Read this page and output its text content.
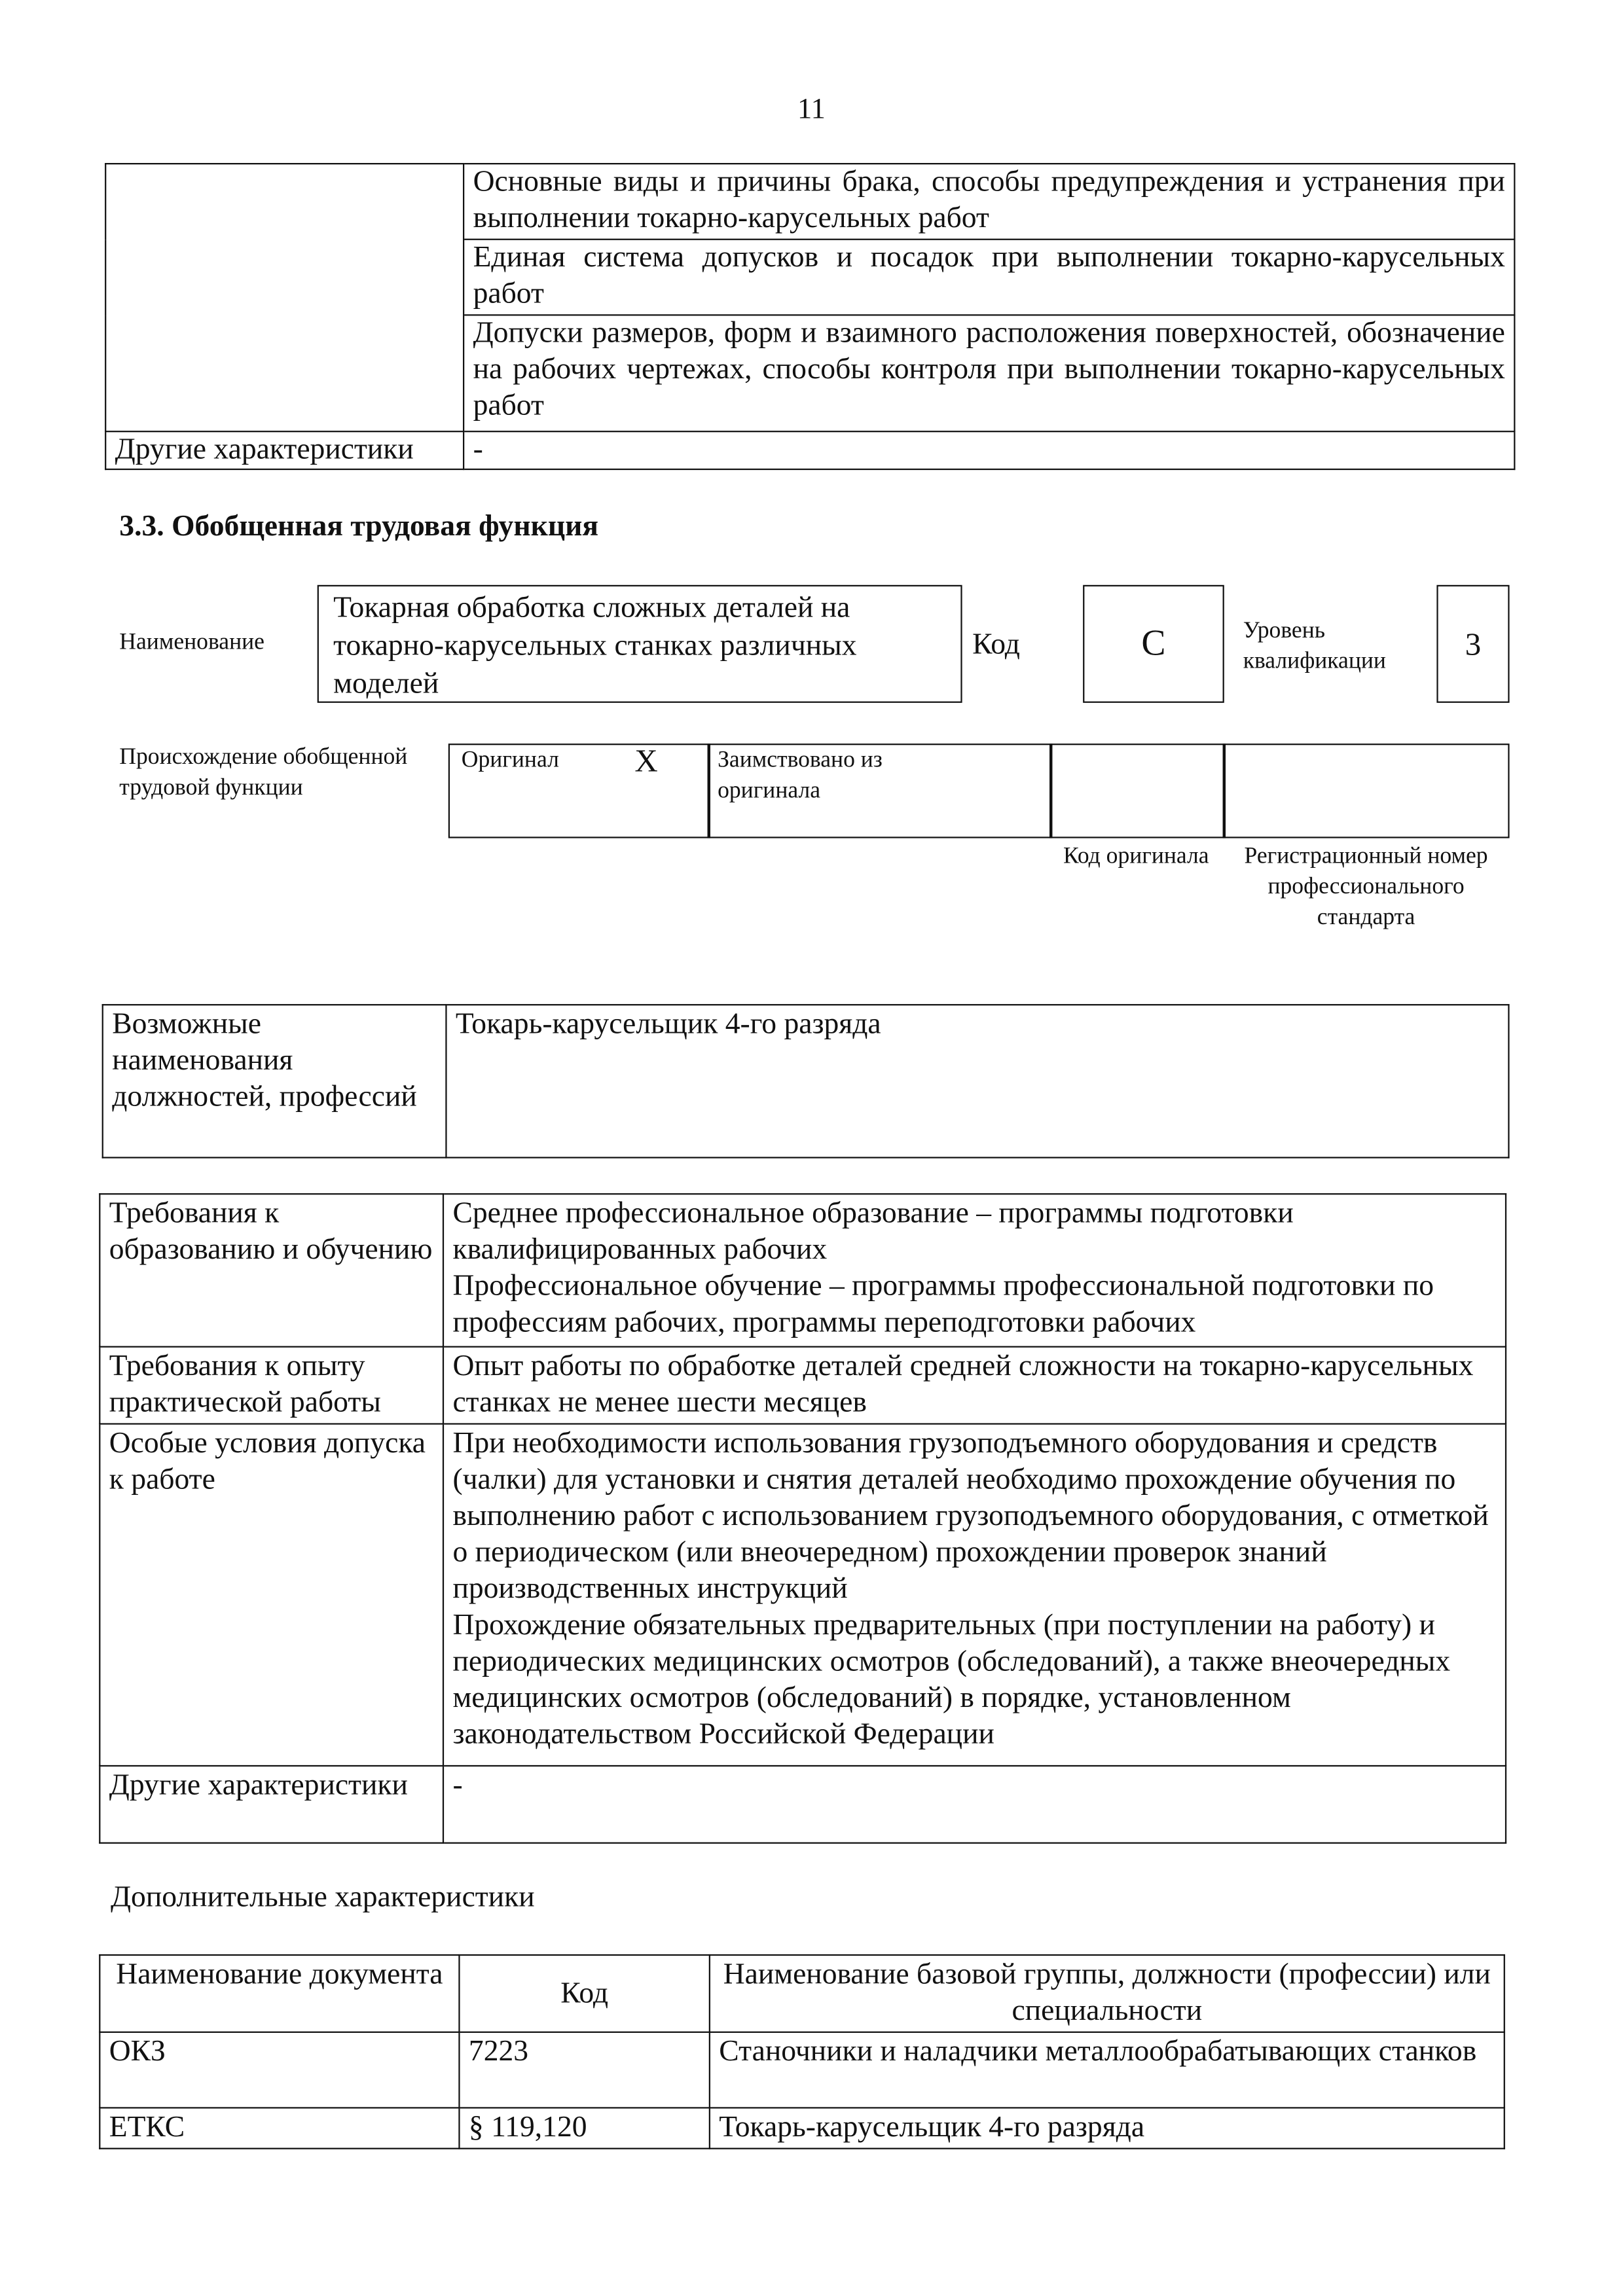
11
	Основные виды и причины брака, способы предупреждения и устранения при выполнении токарно-карусельных работ
	Единая система допусков и посадок при выполнении токарно-карусельных работ
	Допуски размеров, форм и взаимного расположения поверхностей, обозначение на рабочих чертежах, способы контроля при выполнении токарно-карусельных работ
Другие характеристики	-
3.3. Обобщенная трудовая функция
Наименование
Токарная обработка сложных деталей на токарно-карусельных станках различных моделей
Код	C	Уровень квалификации	3
Происхождение обобщенной трудовой функции
Оригинал	X	Заимствовано из оригинала
Код оригинала	Регистрационный номер профессионального стандарта
Возможные наименования должностей, профессий	Токарь-карусельщик 4-го разряда
Требования к образованию и обучению	Среднее профессиональное образование – программы подготовки квалифицированных рабочих
Профессиональное обучение – программы профессиональной подготовки по профессиям рабочих, программы переподготовки рабочих

Требования к опыту практической работы	Опыт работы по обработке деталей средней сложности на токарно-карусельных станках не менее шести месяцев
Особые условия допуска к работе	При необходимости использования грузоподъемного оборудования и средств (чалки) для установки и снятия деталей необходимо прохождение обучения по выполнению работ с использованием грузоподъемного оборудования, с отметкой о периодическом (или внеочередном) прохождении проверок знаний производственных инструкций
Прохождение обязательных предварительных (при поступлении на работу) и периодических медицинских осмотров (обследований), а также внеочередных медицинских осмотров (обследований) в порядке, установленном законодательством Российской Федерации

Другие характеристики	-
Дополнительные характеристики
Наименование документа	Код	Наименование базовой группы, должности (профессии) или специальности
ОКЗ	7223	Станочники и наладчики металлообрабатывающих станков
ЕТКС	§ 119,120	Токарь-карусельщик 4-го разряда
